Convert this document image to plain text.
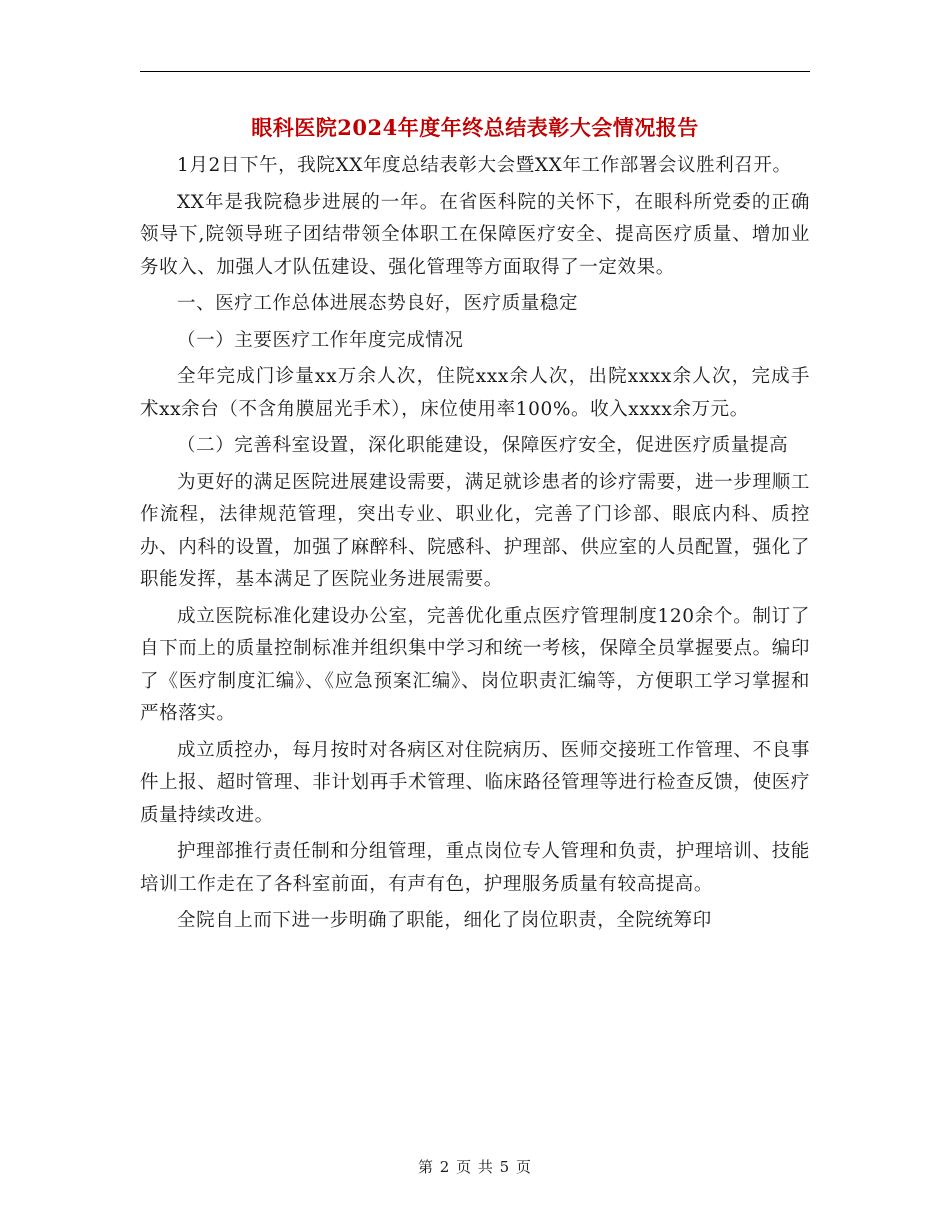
眼科医院2024年度年终总结表彰大会情况报告

1月2日下午，我院XX年度总结表彰大会暨XX年工作部署会议胜利召开。

XX年是我院稳步进展的一年。在省医科院的关怀下，在眼科所党委的正确领导下,院领导班子团结带领全体职工在保障医疗安全、提高医疗质量、增加业务收入、加强人才队伍建设、强化管理等方面取得了一定效果。

一、医疗工作总体进展态势良好，医疗质量稳定

（一）主要医疗工作年度完成情况

全年完成门诊量xx万余人次，住院xxx余人次，出院xxxx余人次，完成手术xx余台（不含角膜屈光手术），床位使用率100%。收入xxxx余万元。

（二）完善科室设置，深化职能建设，保障医疗安全，促进医疗质量提高

为更好的满足医院进展建设需要，满足就诊患者的诊疗需要，进一步理顺工作流程，法律规范管理，突出专业、职业化，完善了门诊部、眼底内科、质控办、内科的设置，加强了麻醉科、院感科、护理部、供应室的人员配置，强化了职能发挥，基本满足了医院业务进展需要。

成立医院标准化建设办公室，完善优化重点医疗管理制度120余个。制订了自下而上的质量控制标准并组织集中学习和统一考核，保障全员掌握要点。编印了《医疗制度汇编》、《应急预案汇编》、岗位职责汇编等，方便职工学习掌握和严格落实。

成立质控办，每月按时对各病区对住院病历、医师交接班工作管理、不良事件上报、超时管理、非计划再手术管理、临床路径管理等进行检查反馈，使医疗质量持续改进。

护理部推行责任制和分组管理，重点岗位专人管理和负责，护理培训、技能培训工作走在了各科室前面，有声有色，护理服务质量有较高提高。

全院自上而下进一步明确了职能，细化了岗位职责，全院统筹印

第 2 页 共 5 页
